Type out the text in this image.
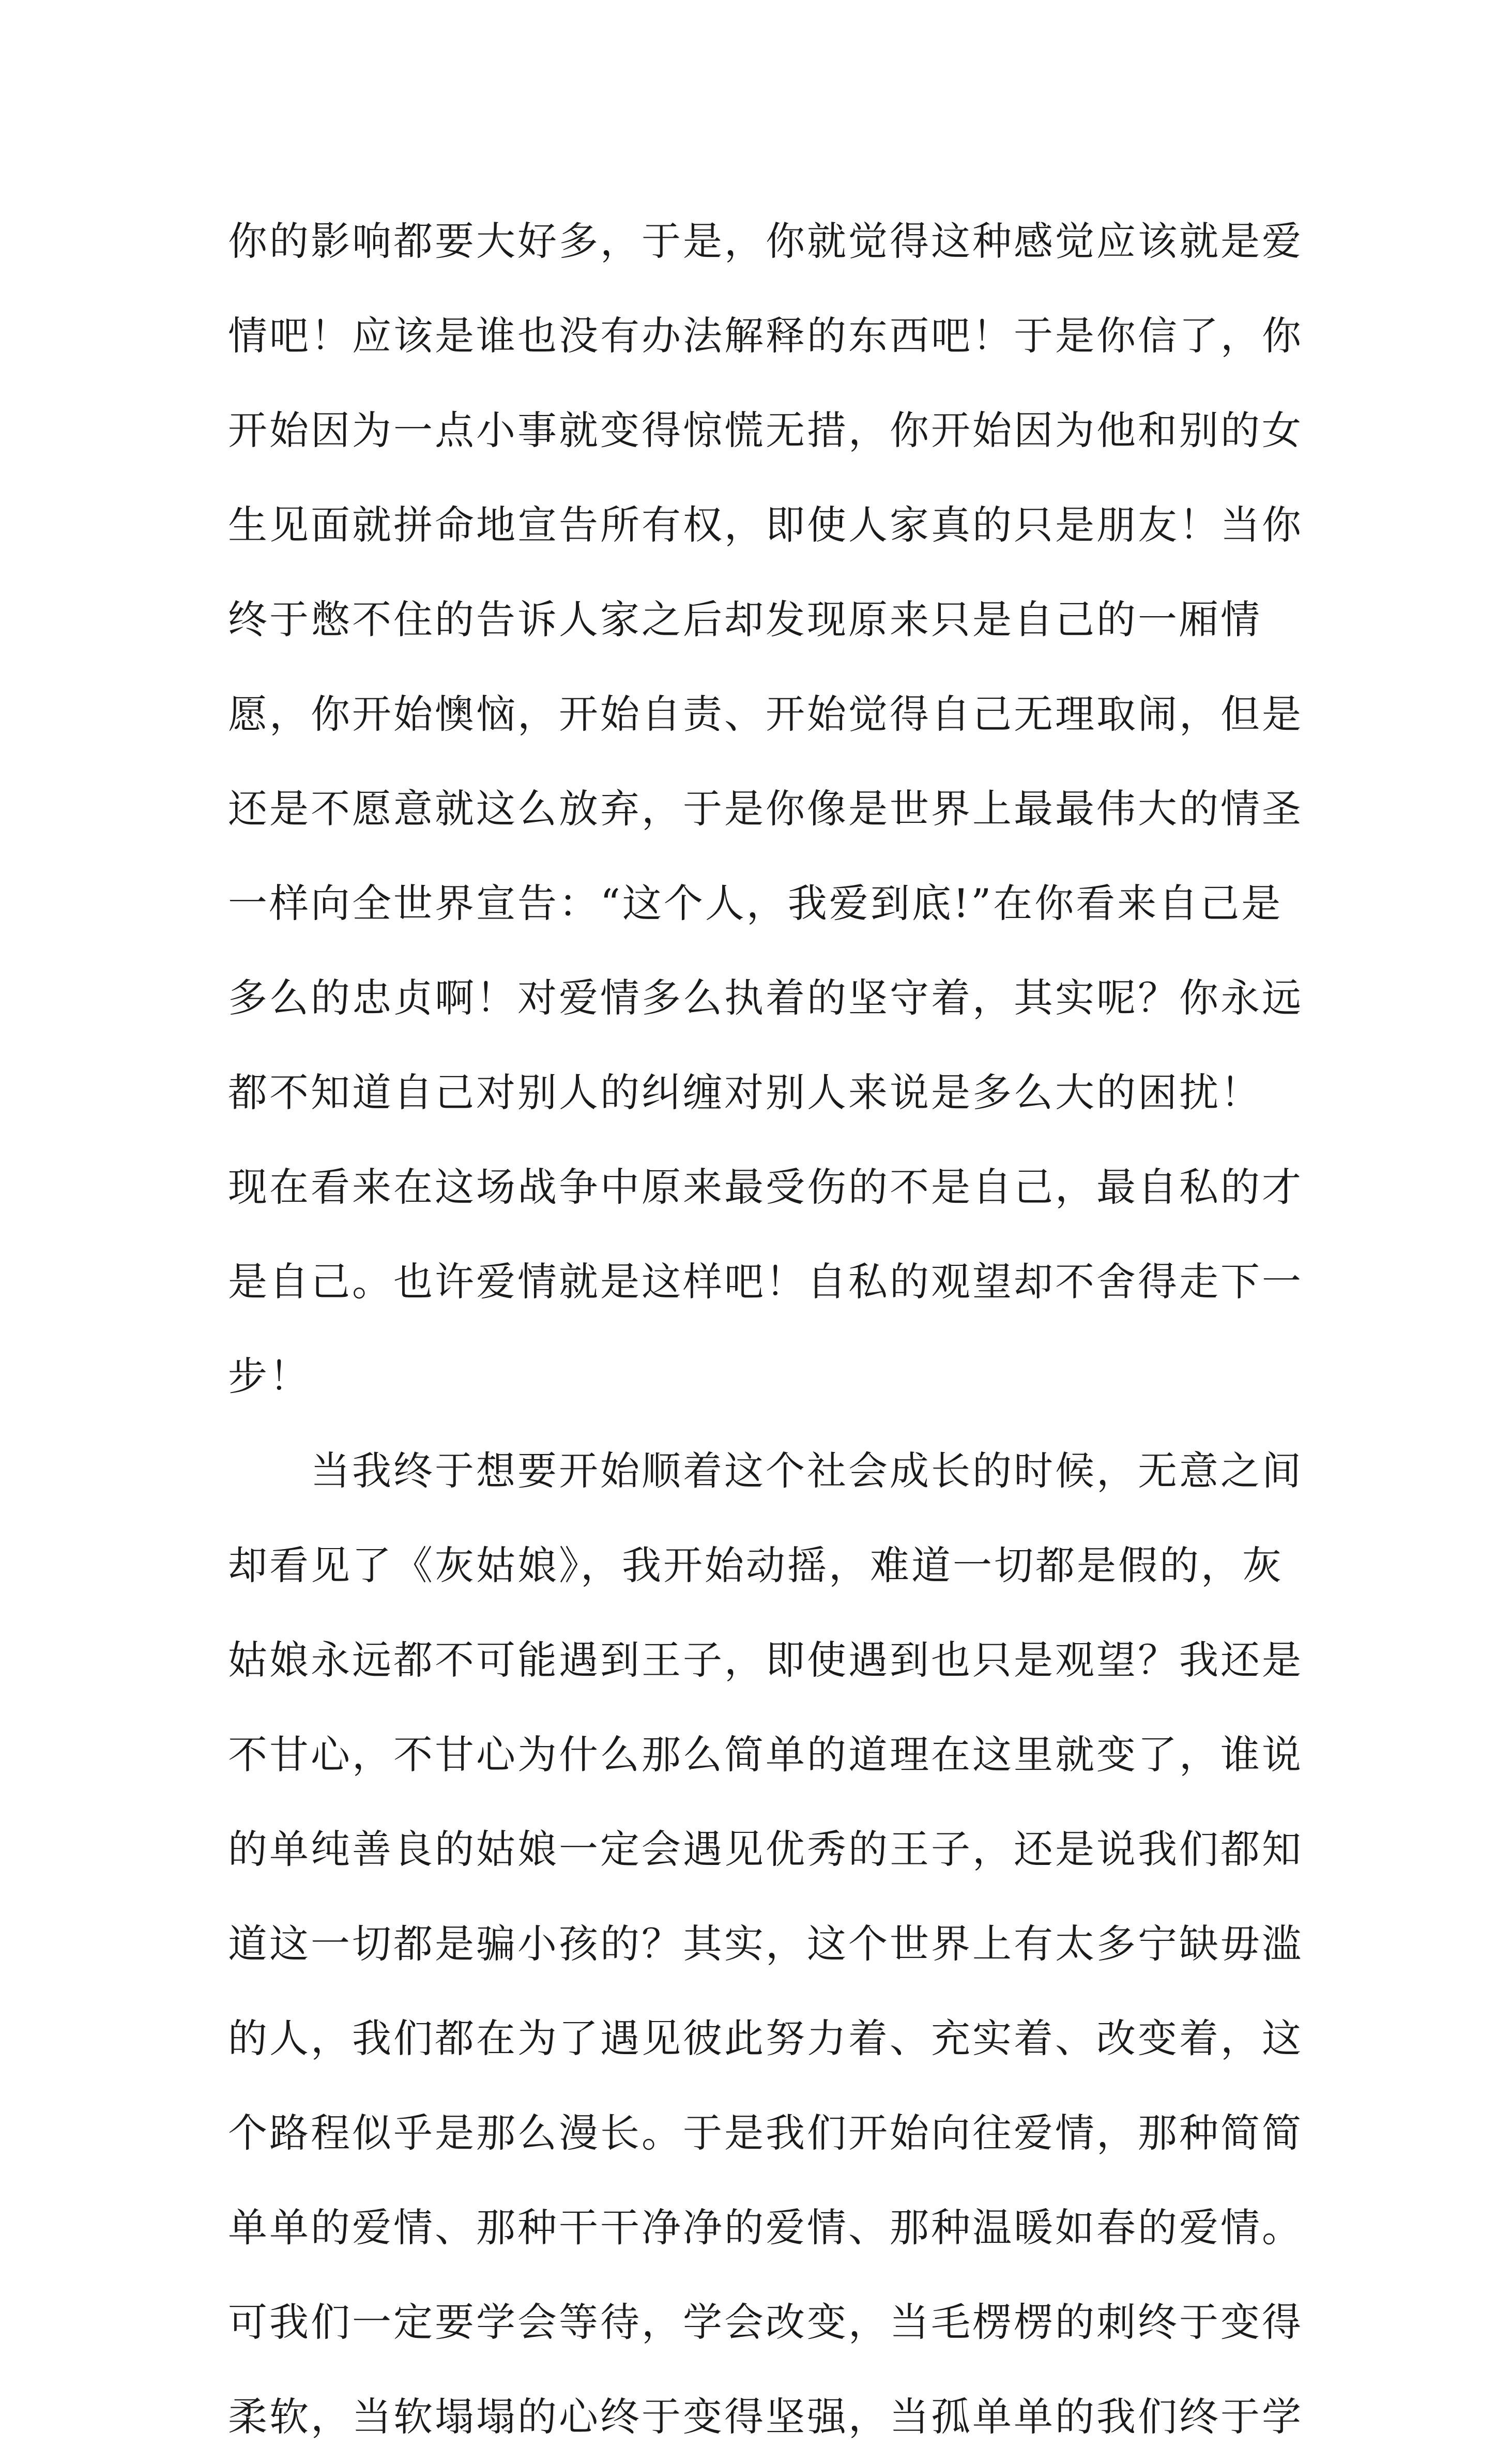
你的影响都要大好多，于是，你就觉得这种感觉应该就是爱
情吧！应该是谁也没有办法解释的东西吧！于是你信了，你
开始因为一点小事就变得惊慌无措，你开始因为他和别的女
生见面就拼命地宣告所有权，即使人家真的只是朋友！当你
终于憋不住的告诉人家之后却发现原来只是自己的一厢情
愿，你开始懊恼，开始自责、开始觉得自己无理取闹，但是
还是不愿意就这么放弃，于是你像是世界上最最伟大的情圣
一样向全世界宣告：“这个人，我爱到底!”在你看来自己是
多么的忠贞啊！对爱情多么执着的坚守着，其实呢？你永远
都不知道自己对别人的纠缠对别人来说是多么大的困扰！
现在看来在这场战争中原来最受伤的不是自己，最自私的才
是自己。也许爱情就是这样吧！自私的观望却不舍得走下一
步！
当我终于想要开始顺着这个社会成长的时候，无意之间
却看见了《灰姑娘》，我开始动摇，难道一切都是假的，灰
姑娘永远都不可能遇到王子，即使遇到也只是观望？我还是
不甘心，不甘心为什么那么简单的道理在这里就变了，谁说
的单纯善良的姑娘一定会遇见优秀的王子，还是说我们都知
道这一切都是骗小孩的？其实，这个世界上有太多宁缺毋滥
的人，我们都在为了遇见彼此努力着、充实着、改变着，这
个路程似乎是那么漫长。于是我们开始向往爱情，那种简简
单单的爱情、那种干干净净的爱情、那种温暖如春的爱情。
可我们一定要学会等待，学会改变，当毛楞楞的刺终于变得
柔软，当软塌塌的心终于变得坚强，当孤单单的我们终于学
